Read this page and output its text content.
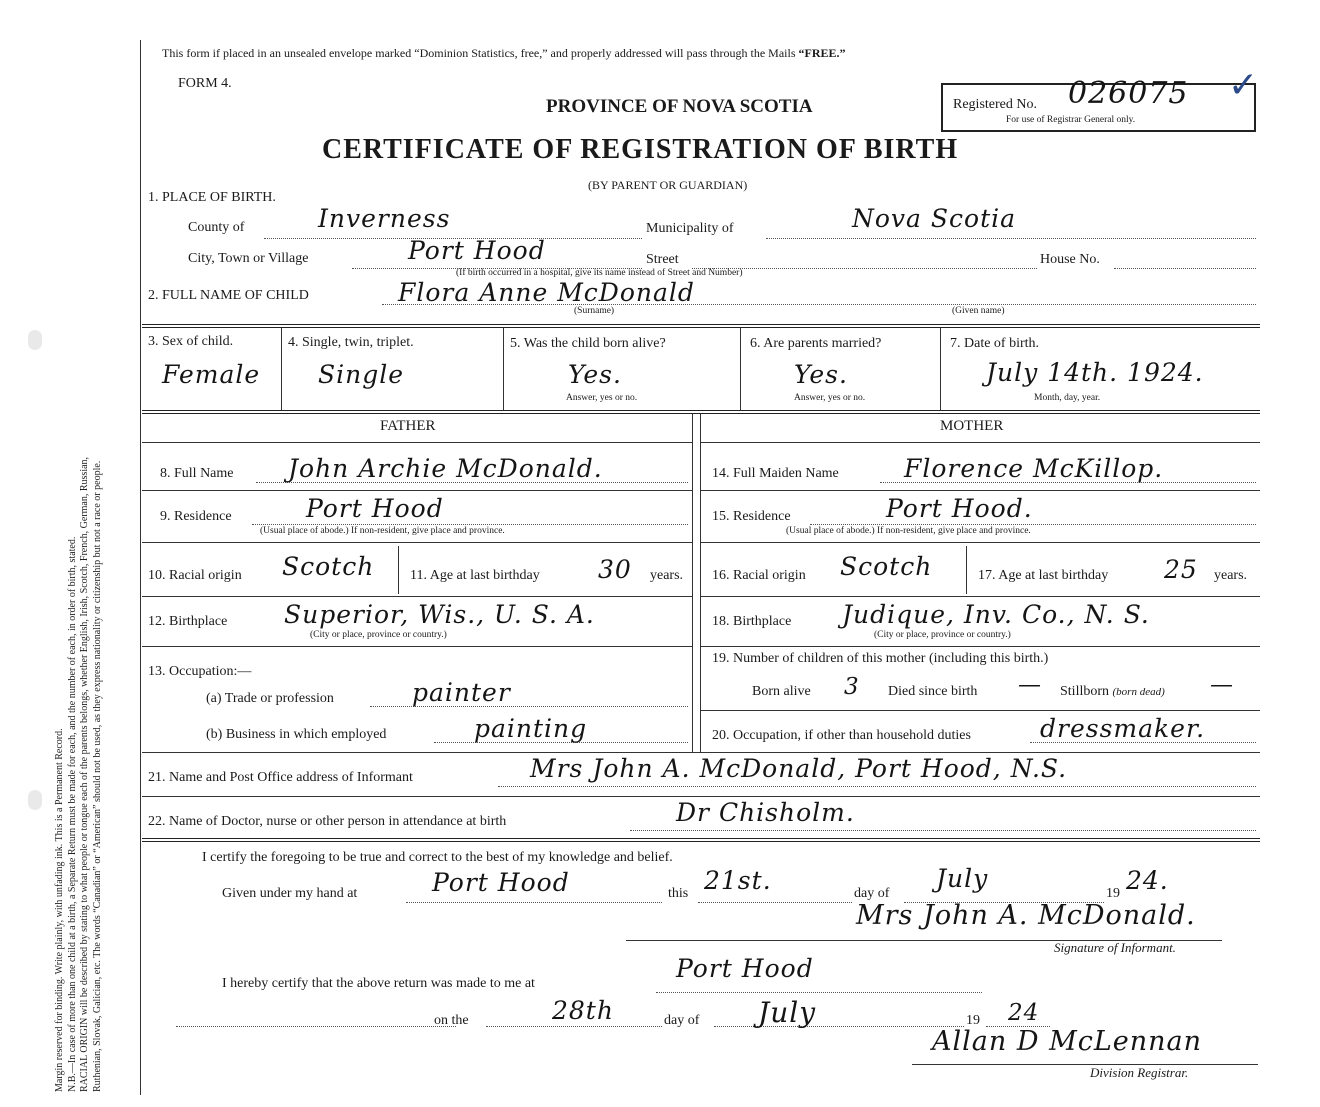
Margin reserved for binding. Write plainly, with unfading ink. This is a Permanent Record. N.B.—In case of more than one child at a birth, a Separate Return must be made for each, and the number of each, in order of birth, stated. RACIAL ORIGIN will be described by stating to what people or tongue each of the parents belongs, whether English, Irish, Scotch, French, German, Russian, Ruthenian, Slovak, Galician, etc. The words “Canadian” or “American” should not be used, as they express nationality or citizenship but not a race or people.
This form if placed in an unsealed envelope marked “Dominion Statistics, free,” and properly addressed will pass through the Mails “FREE.”
FORM 4.
PROVINCE OF NOVA SCOTIA
CERTIFICATE OF REGISTRATION OF BIRTH
(BY PARENT OR GUARDIAN)
Registered No. 026075
For use of Registrar General only.
✓
1. PLACE OF BIRTH.
County of	Inverness	Municipality of	Nova Scotia
City, Town or Village	Port Hood	Street	House No.
(If birth occurred in a hospital, give its name instead of Street and Number)
2. FULL NAME OF CHILD	Flora Anne McDonald
(Surname)	(Given name)
3. Sex of child.
Female
4. Single, twin, triplet.
Single
5. Was the child born alive?
Yes.
Answer, yes or no.
6. Are parents married?
Yes.
Answer, yes or no.
7. Date of birth.
July 14th. 1924.
Month, day, year.
FATHER
8. Full Name John Archie McDonald.
9. Residence	Port Hood
(Usual place of abode.) If non-resident, give place and province.
10. Racial origin Scotch	11. Age at last birthday 30 years.
12. Birthplace Superior, Wis., U. S. A.
(City or place, province or country.)
13. Occupation:—
(a) Trade or profession	painter
(b) Business in which employed	painting
MOTHER
14. Full Maiden Name	Florence McKillop.
15. Residence	Port Hood.
(Usual place of abode.) If non-resident, give place and province.
16. Racial origin Scotch	17. Age at last birthday 25 years.
18. Birthplace Judique, Inv. Co., N. S.
(City or place, province or country.)
19. Number of children of this mother (including this birth.)
Born alive 3 Died since birth — Stillborn (born dead) —
20. Occupation, if other than household duties	dressmaker.
21. Name and Post Office address of Informant	Mrs John A. McDonald, Port Hood, N.S.
22. Name of Doctor, nurse or other person in attendance at birth	Dr Chisholm.
I certify the foregoing to be true and correct to the best of my knowledge and belief.
Given under my hand at	Port Hood	this 21st.	day of
July
19 24.
Mrs John A. McDonald.
Signature of Informant.
I hereby certify that the above return was made to me at
Port Hood
on the	28th	day of July	19 24
Allan D McLennan
Division Registrar.
